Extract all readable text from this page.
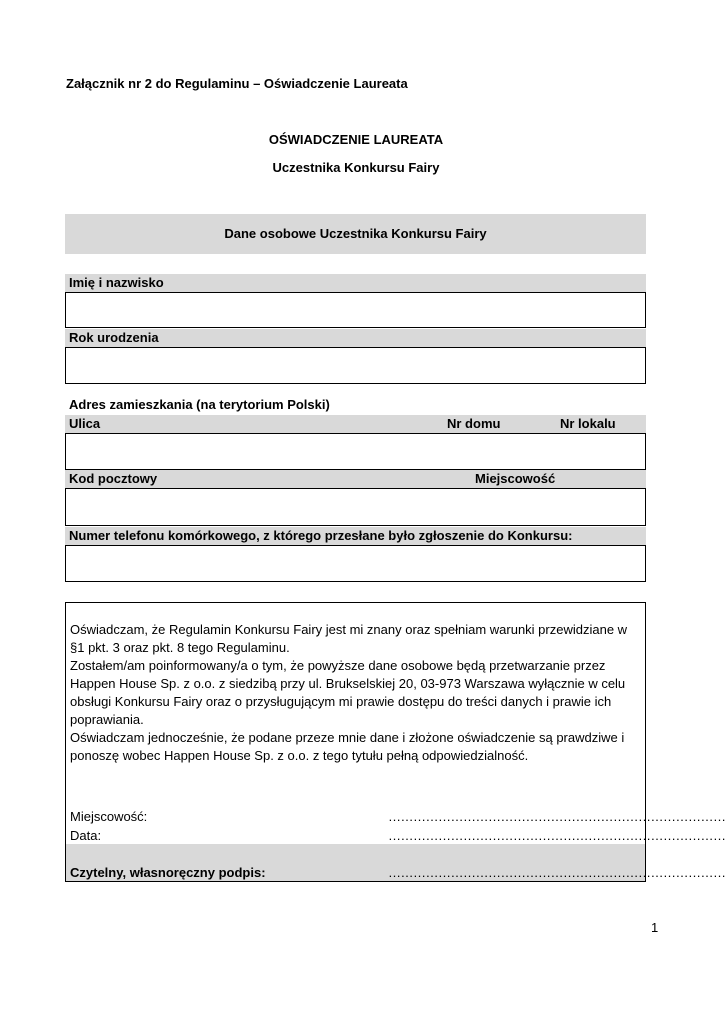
Załącznik nr 2 do Regulaminu – Oświadczenie Laureata
OŚWIADCZENIE LAUREATA
Uczestnika Konkursu Fairy
Dane osobowe Uczestnika Konkursu Fairy
Imię i nazwisko
Rok urodzenia
Adres zamieszkania (na terytorium Polski)
Ulica	Nr domu	Nr lokalu
Kod pocztowy	Miejscowość
Numer telefonu komórkowego, z którego przesłane było zgłoszenie do Konkursu:
Oświadczam, że Regulamin Konkursu Fairy jest mi znany oraz spełniam warunki przewidziane w §1 pkt. 3 oraz pkt. 8 tego Regulaminu.
Zostałem/am poinformowany/a o tym, że powyższe dane osobowe będą przetwarzanie przez Happen House Sp. z o.o. z siedzibą przy ul. Brukselskiej 20, 03-973 Warszawa wyłącznie w celu obsługi Konkursu Fairy oraz o przysługującym mi prawie dostępu do treści danych i prawie ich poprawiania.
Oświadczam jednocześnie, że podane przeze mnie dane i złożone oświadczenie są prawdziwe i ponoszę wobec Happen House Sp. z o.o. z tego tytułu pełną odpowiedzialność.
Miejscowość:	………………………………………………………………………
Data:	………………………………………………………………………
Czytelny, własnoręczny podpis:	………………………………………………………………………
1
